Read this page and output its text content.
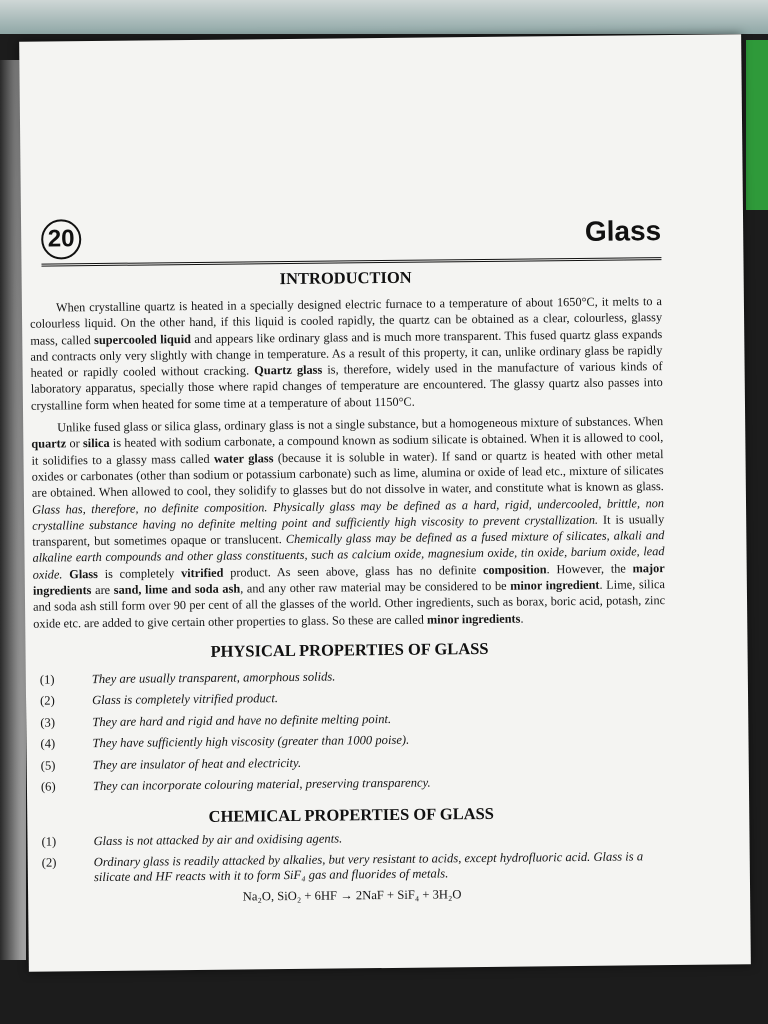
20	Glass
INTRODUCTION

When crystalline quartz is heated in a specially designed electric furnace to a temperature of about 1650°C, it melts to a colourless liquid. On the other hand, if this liquid is cooled rapidly, the quartz can be obtained as a clear, colourless, glassy mass, called supercooled liquid and appears like ordinary glass and is much more transparent. This fused quartz glass expands and contracts only very slightly with change in temperature. As a result of this property, it can, unlike ordinary glass be rapidly heated or rapidly cooled without cracking. Quartz glass is, therefore, widely used in the manufacture of various kinds of laboratory apparatus, specially those where rapid changes of temperature are encountered. The glassy quartz also passes into crystalline form when heated for some time at a temperature of about 1150°C.

Unlike fused glass or silica glass, ordinary glass is not a single substance, but a homogeneous mixture of substances. When quartz or silica is heated with sodium carbonate, a compound known as sodium silicate is obtained. When it is allowed to cool, it solidifies to a glassy mass called water glass (because it is soluble in water). If sand or quartz is heated with other metal oxides or carbonates (other than sodium or potassium carbonate) such as lime, alumina or oxide of lead etc., mixture of silicates are obtained. When allowed to cool, they solidify to glasses but do not dissolve in water, and constitute what is known as glass. Glass has, therefore, no definite composition. Physically glass may be defined as a hard, rigid, undercooled, brittle, non crystalline substance having no definite melting point and sufficiently high viscosity to prevent crystallization. It is usually transparent, but sometimes opaque or translucent. Chemically glass may be defined as a fused mixture of silicates, alkali and alkaline earth compounds and other glass constituents, such as calcium oxide, magnesium oxide, tin oxide, barium oxide, lead oxide. Glass is completely vitrified product. As seen above, glass has no definite composition. However, the major ingredients are sand, lime and soda ash, and any other raw material may be considered to be minor ingredient. Lime, silica and soda ash still form over 90 per cent of all the glasses of the world. Other ingredients, such as borax, boric acid, potash, zinc oxide etc. are added to give certain other properties to glass. So these are called minor ingredients.

PHYSICAL PROPERTIES OF GLASS
(1)	They are usually transparent, amorphous solids.
(2)	Glass is completely vitrified product.
(3)	They are hard and rigid and have no definite melting point.
(4)	They have sufficiently high viscosity (greater than 1000 poise).
(5)	They are insulator of heat and electricity.
(6)	They can incorporate colouring material, preserving transparency.
CHEMICAL PROPERTIES OF GLASS
(1)	Glass is not attacked by air and oxidising agents.
(2)	Ordinary glass is readily attacked by alkalies, but very resistant to acids, except hydrofluoric acid. Glass is a silicate and HF reacts with it to form SiF₄ gas and fluorides of metals.
Na₂O, SiO₂ + 6HF → 2NaF + SiF₄ + 3H₂O
